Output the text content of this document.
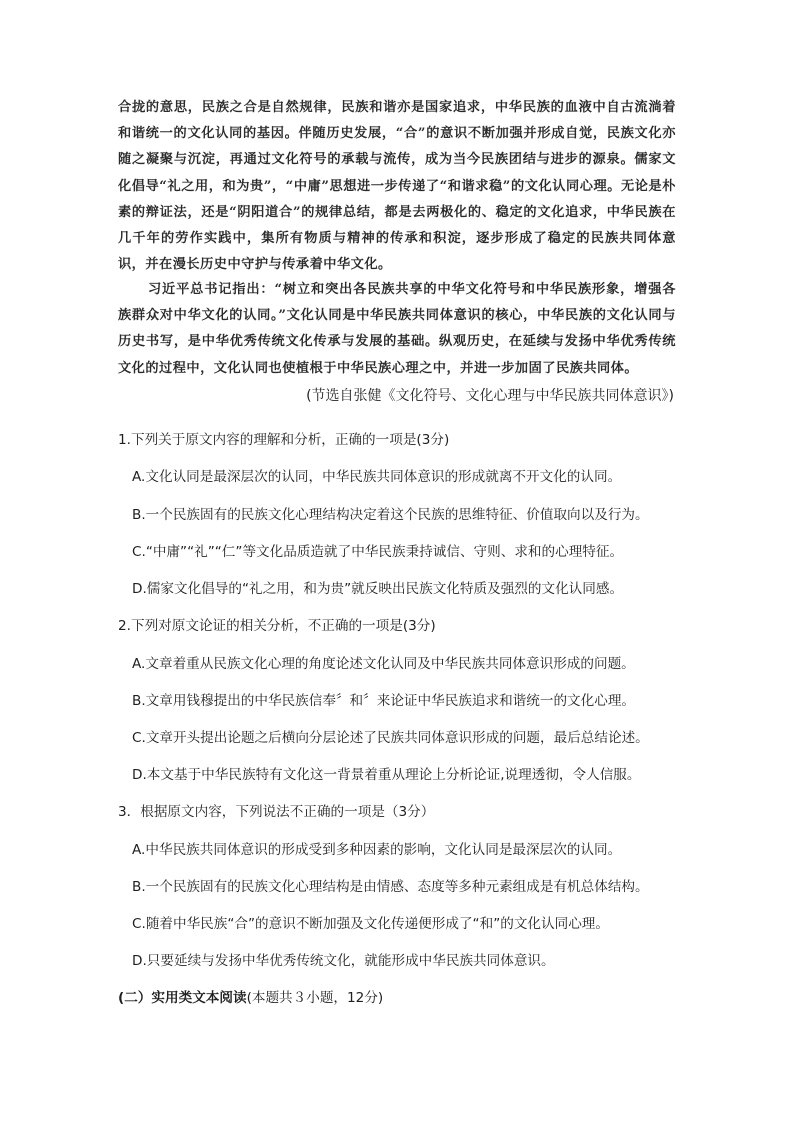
合拢的意思，民族之合是自然规律，民族和谐亦是国家追求，中华民族的血液中自古流淌着和谐统一的文化认同的基因。伴随历史发展，“合”的意识不断加强并形成自觉，民族文化亦随之凝聚与沉淀，再通过文化符号的承载与流传，成为当今民族团结与进步的源泉。儒家文化倡导“礼之用，和为贵”，“中庸”思想进一步传递了“和谐求稳”的文化认同心理。无论是朴素的辩证法，还是“阴阳道合”的规律总结，都是去两极化的、稳定的文化追求，中华民族在几千年的劳作实践中，集所有物质与精神的传承和积淀，逐步形成了稳定的民族共同体意识，并在漫长历史中守护与传承着中华文化。
习近平总书记指出：“树立和突出各民族共享的中华文化符号和中华民族形象，增强各族群众对中华文化的认同。”文化认同是中华民族共同体意识的核心，中华民族的文化认同与历史书写，是中华优秀传统文化传承与发展的基础。纵观历史，在延续与发扬中华优秀传统文化的过程中，文化认同也使植根于中华民族心理之中，并进一步加固了民族共同体。
(节选自张健《文化符号、文化心理与中华民族共同体意识》)
1.下列关于原文内容的理解和分析，正确的一项是(3分)
A.文化认同是最深层次的认同，中华民族共同体意识的形成就离不开文化的认同。
B.一个民族固有的民族文化心理结构决定着这个民族的思维特征、价值取向以及行为。
C.“中庸”“礼”“仁”等文化品质造就了中华民族秉持诚信、守则、求和的心理特征。
D.儒家文化倡导的“礼之用，和为贵”就反映出民族文化特质及强烈的文化认同感。
2.下列对原文论证的相关分析，不正确的一项是(3分)
A.文章着重从民族文化心理的角度论述文化认同及中华民族共同体意识形成的问题。
B.文章用钱穆提出的中华民族信奉〞和〞来论证中华民族追求和谐统一的文化心理。
C.文章开头提出论题之后横向分层论述了民族共同体意识形成的问题，最后总结论述。
D.本文基于中华民族特有文化这一背景着重从理论上分析论证,说理透彻，令人信服。
3．根据原文内容，下列说法不正确的一项是（3分）
A.中华民族共同体意识的形成受到多种因素的影响，文化认同是最深层次的认同。
B.一个民族固有的民族文化心理结构是由情感、态度等多种元素组成是有机总体结构。
C.随着中华民族“合”的意识不断加强及文化传递便形成了“和”的文化认同心理。
D.只要延续与发扬中华优秀传统文化，就能形成中华民族共同体意识。
(二）实用类文本阅读(本题共３小题，12分)
